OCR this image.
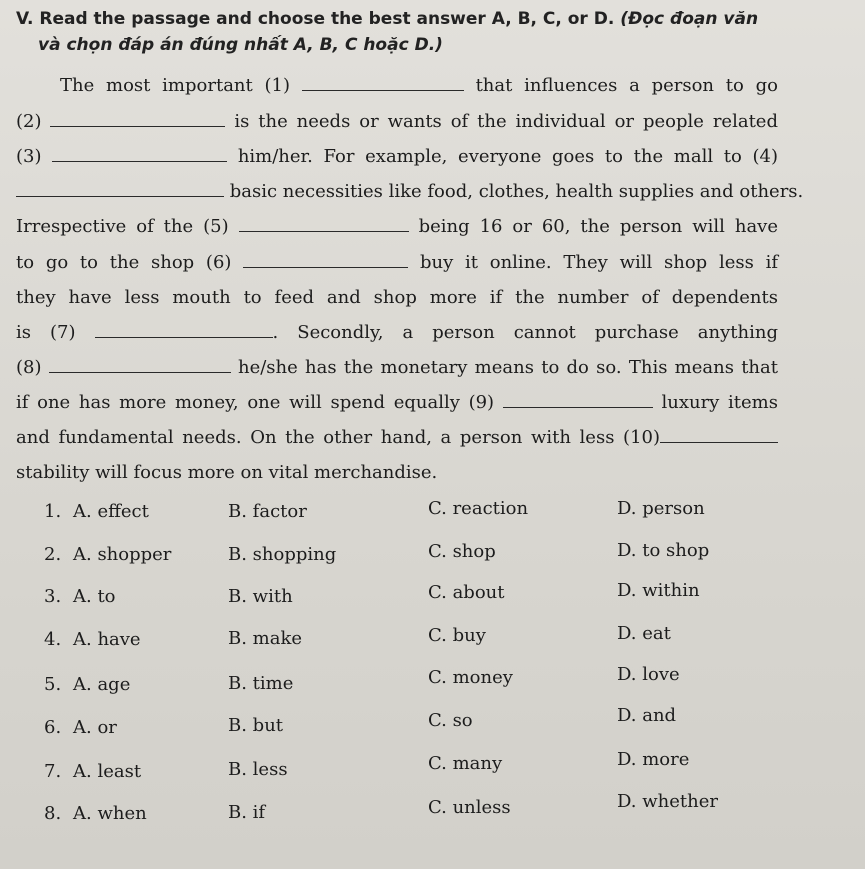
V. Read the passage and choose the best answer A, B, C, or D. (Đọc đoạn văn
và chọn đáp án đúng nhất A, B, C hoặc D.)
The most important (1)	that influences a person to go
(2)	is the needs or wants of the individual or people related
(3)	him/her. For example, everyone goes to the mall to (4)
basic necessities like food, clothes, health supplies and others.
Irrespective of the (5)	being 16 or 60, the person will have
to go to the shop (6)	buy it online. They will shop less if
they have less mouth to feed and shop more if the number of dependents
is (7)	. Secondly, a person cannot purchase anything
(8)	he/she has the monetary means to do so. This means that
if one has more money, one will spend equally (9)	luxury items
and fundamental needs. On the other hand, a person with less (10)
stability will focus more on vital merchandise.
1. A. effect	B. factor	C. reaction	D. person
2. A. shopper	B. shopping	C. shop	D. to shop
3. A. to	B. with	C. about	D. within
4. A. have	B. make	C. buy	D. eat
5. A. age	B. time	C. money	D. love
6. A. or	B. but	C. so	D. and
7. A. least	B. less	C. many	D. more
8. A. when	B. if	C. unless	D. whether
